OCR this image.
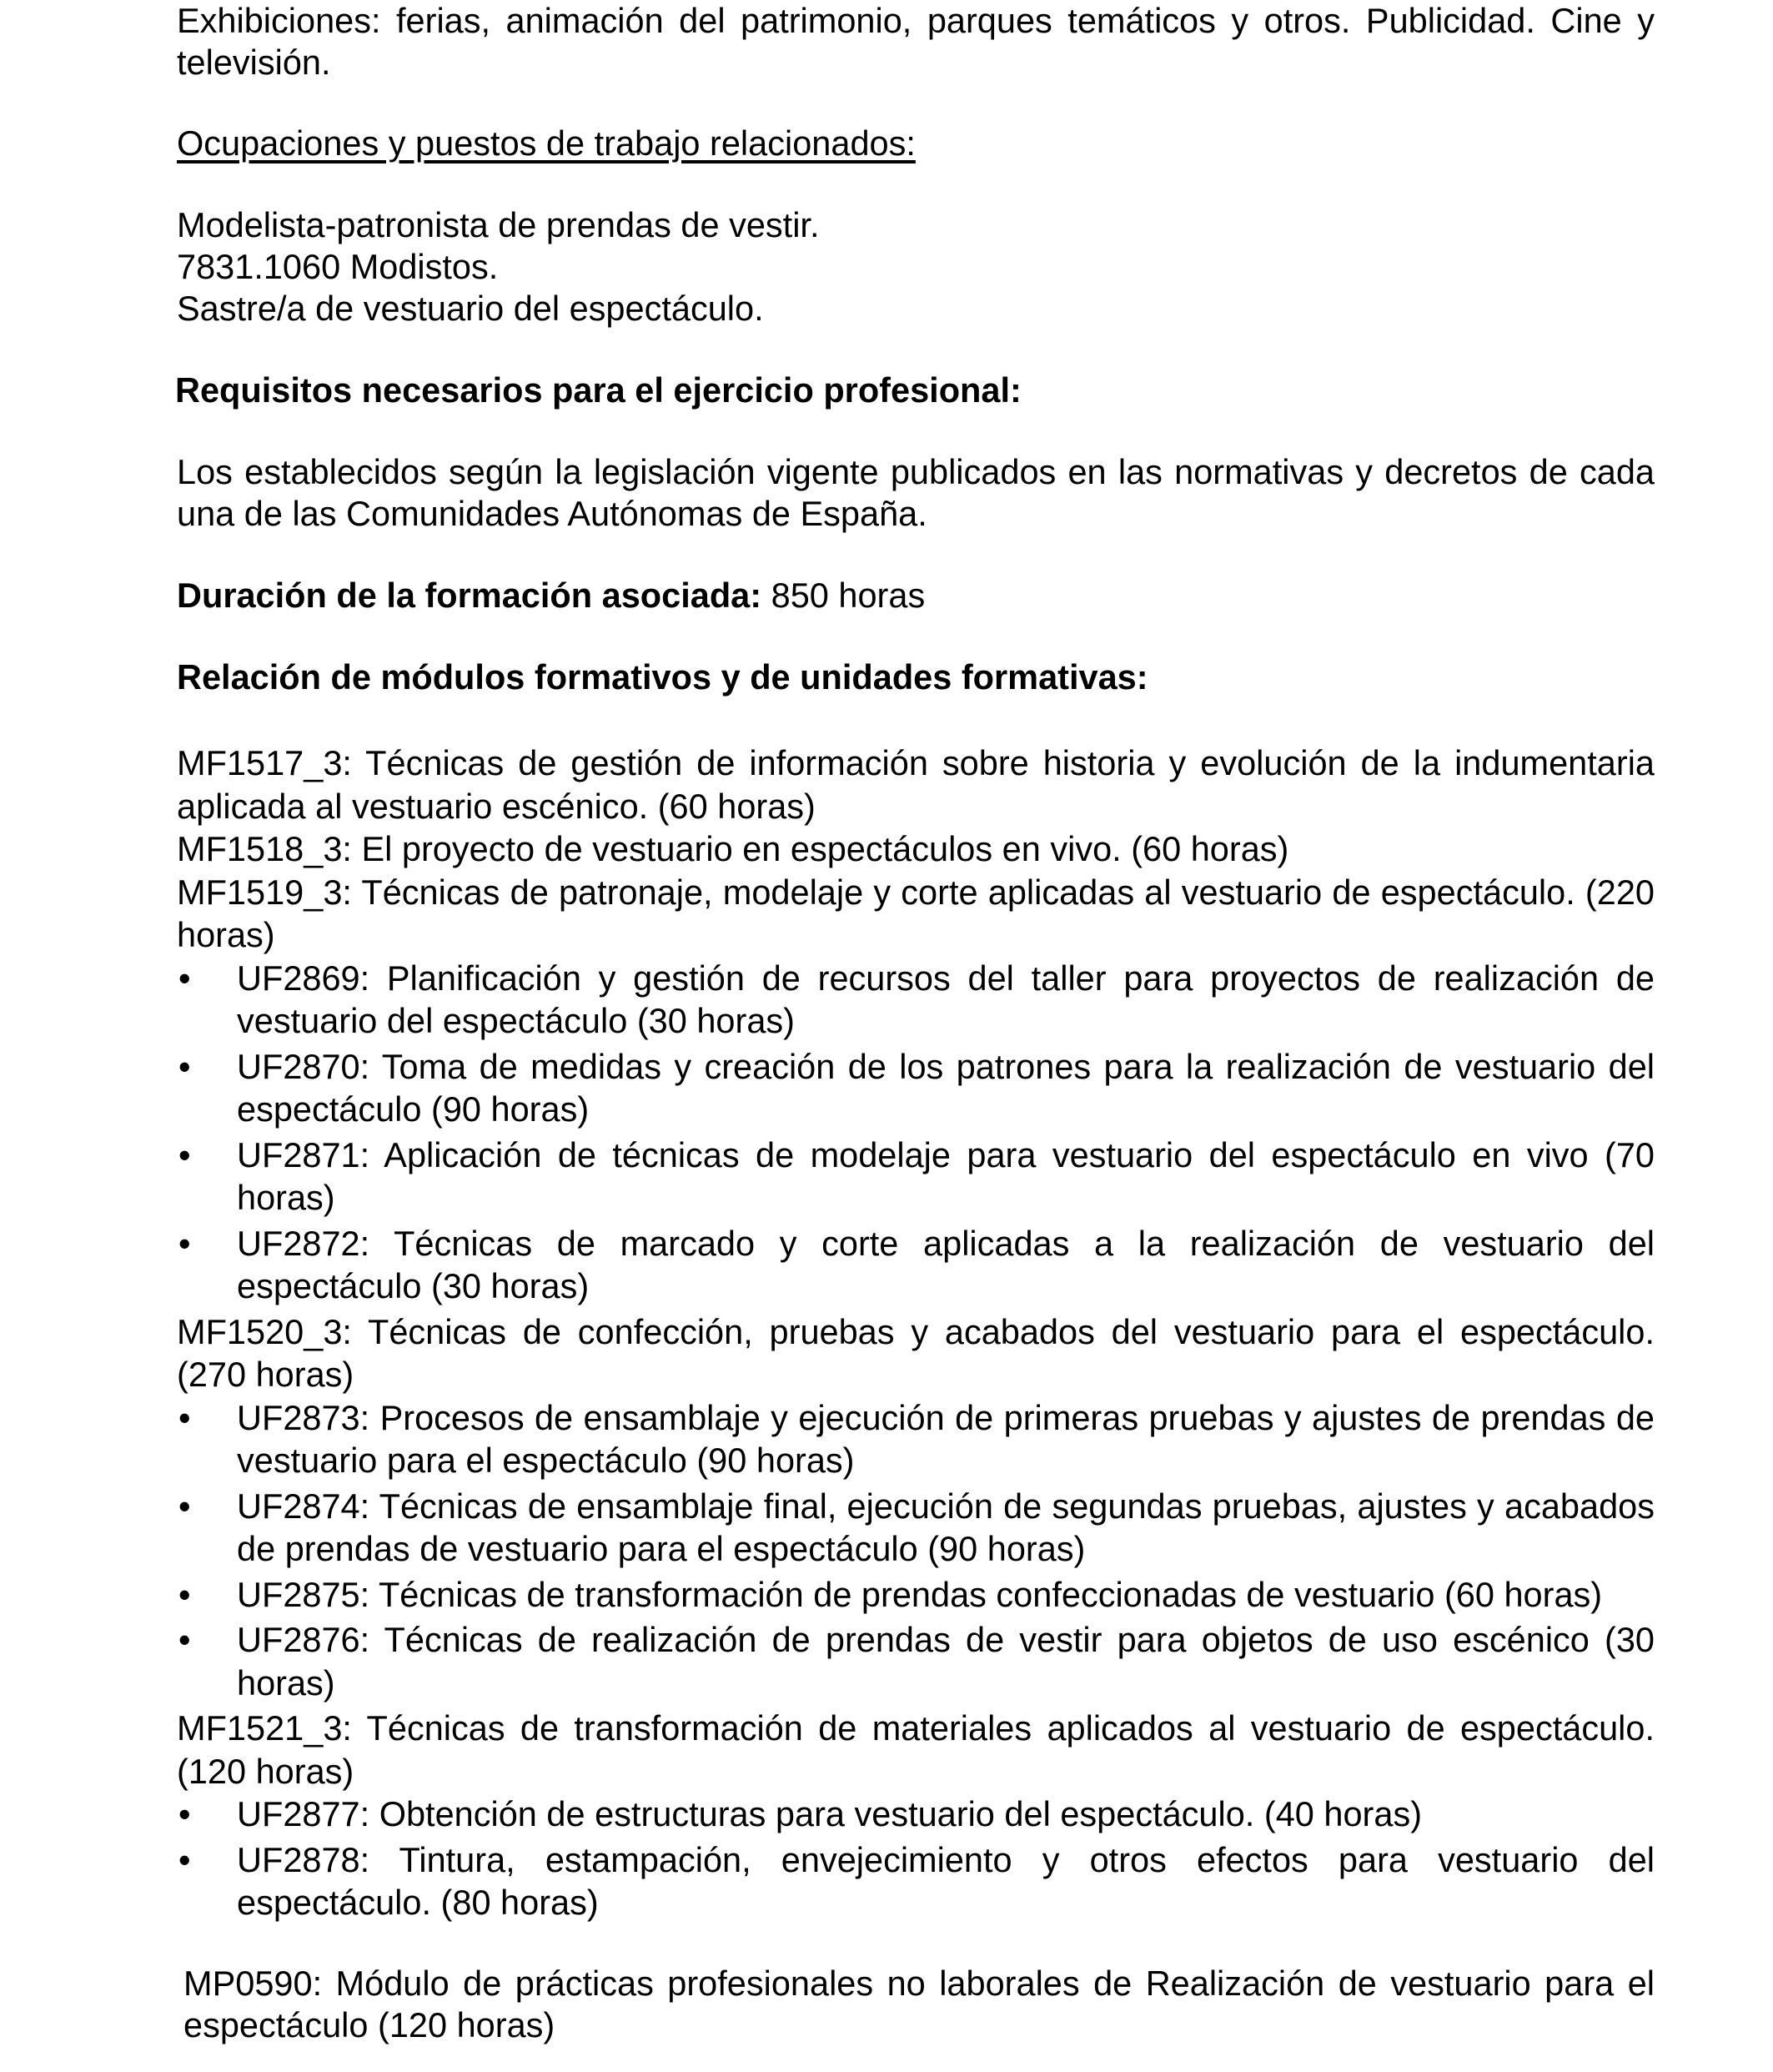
Exhibiciones: ferias, animación del patrimonio, parques temáticos y otros. Publicidad. Cine y televisión.

Ocupaciones y puestos de trabajo relacionados:

Modelista-patronista de prendas de vestir.
7831.1060 Modistos.
Sastre/a de vestuario del espectáculo.

Requisitos necesarios para el ejercicio profesional:

Los establecidos según la legislación vigente publicados en las normativas y decretos de cada una de las Comunidades Autónomas de España.

Duración de la formación asociada: 850 horas

Relación de módulos formativos y de unidades formativas:

MF1517_3: Técnicas de gestión de información sobre historia y evolución de la indumentaria aplicada al vestuario escénico. (60 horas)

MF1518_3: El proyecto de vestuario en espectáculos en vivo. (60 horas)

MF1519_3: Técnicas de patronaje, modelaje y corte aplicadas al vestuario de espectáculo. (220 horas)

•	UF2869: Planificación y gestión de recursos del taller para proyectos de realización de vestuario del espectáculo (30 horas)
•	UF2870: Toma de medidas y creación de los patrones para la realización de vestuario del espectáculo (90 horas)
•	UF2871: Aplicación de técnicas de modelaje para vestuario del espectáculo en vivo (70 horas)
•	UF2872: Técnicas de marcado y corte aplicadas a la realización de vestuario del espectáculo (30 horas)

MF1520_3: Técnicas de confección, pruebas y acabados del vestuario para el espectáculo. (270 horas)

•	UF2873: Procesos de ensamblaje y ejecución de primeras pruebas y ajustes de prendas de vestuario para el espectáculo (90 horas)
•	UF2874: Técnicas de ensamblaje final, ejecución de segundas pruebas, ajustes y acabados de prendas de vestuario para el espectáculo (90 horas)
•	UF2875: Técnicas de transformación de prendas confeccionadas de vestuario (60 horas)
•	UF2876: Técnicas de realización de prendas de vestir para objetos de uso escénico (30 horas)

MF1521_3: Técnicas de transformación de materiales aplicados al vestuario de espectáculo. (120 horas)

•	UF2877: Obtención de estructuras para vestuario del espectáculo. (40 horas)
•	UF2878: Tintura, estampación, envejecimiento y otros efectos para vestuario del espectáculo. (80 horas)

MP0590: Módulo de prácticas profesionales no laborales de Realización de vestuario para el espectáculo (120 horas)
